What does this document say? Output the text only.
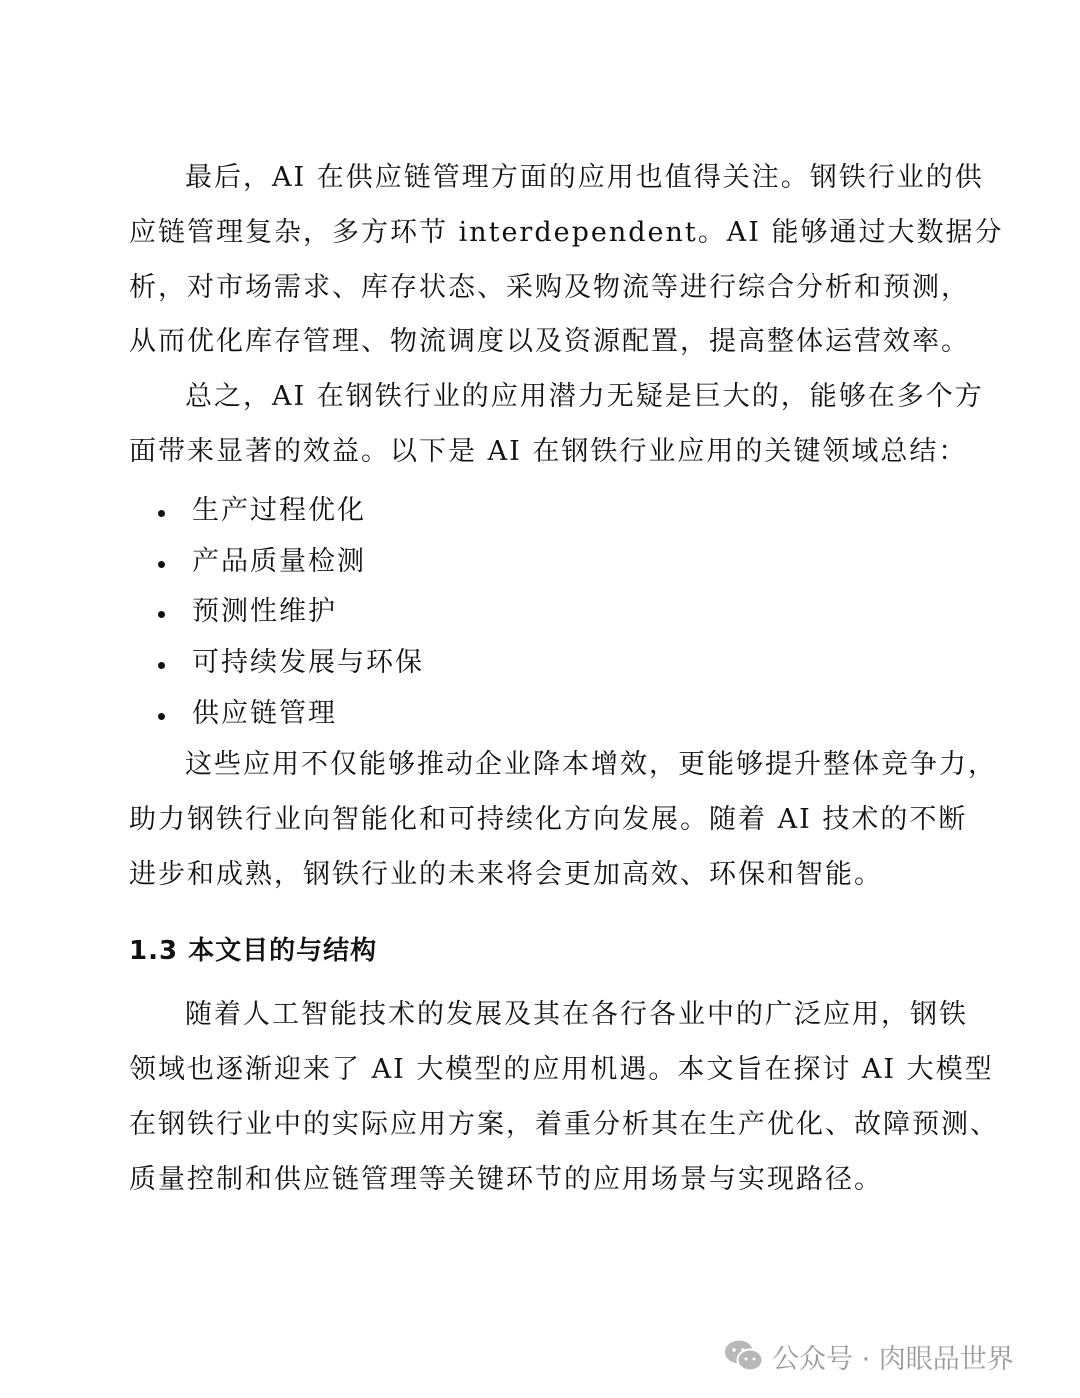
最后，AI 在供应链管理方面的应用也值得关注。钢铁行业的供
应链管理复杂，多方环节 interdependent。AI 能够通过大数据分
析，对市场需求、库存状态、采购及物流等进行综合分析和预测，
从而优化库存管理、物流调度以及资源配置，提高整体运营效率。
总之，AI 在钢铁行业的应用潜力无疑是巨大的，能够在多个方
面带来显著的效益。以下是 AI 在钢铁行业应用的关键领域总结：
生产过程优化
产品质量检测
预测性维护
可持续发展与环保
供应链管理
这些应用不仅能够推动企业降本增效，更能够提升整体竞争力，
助力钢铁行业向智能化和可持续化方向发展。随着 AI 技术的不断
进步和成熟，钢铁行业的未来将会更加高效、环保和智能。
1.3 本文目的与结构
随着人工智能技术的发展及其在各行各业中的广泛应用，钢铁
领域也逐渐迎来了 AI 大模型的应用机遇。本文旨在探讨 AI 大模型
在钢铁行业中的实际应用方案，着重分析其在生产优化、故障预测、
质量控制和供应链管理等关键环节的应用场景与实现路径。
公众号 · 肉眼品世界
